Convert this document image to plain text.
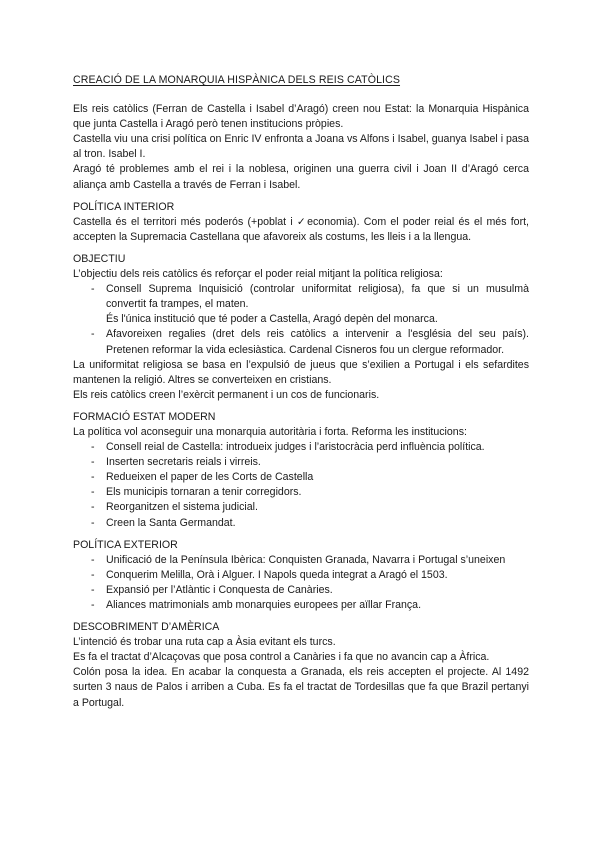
CREACIÓ DE LA MONARQUIA HISPÀNICA DELS REIS CATÒLICS
Els reis catòlics (Ferran de Castella i Isabel d’Aragó) creen nou Estat: la Monarquia Hispànica que junta Castella i Aragó però tenen institucions pròpies.
Castella viu una crisi política on Enric IV enfronta a Joana vs Alfons i Isabel, guanya Isabel i pasa al tron. Isabel I.
Aragó té problemes amb el rei i la noblesa, originen una guerra civil i Joan II d’Aragó cerca aliança amb Castella a través de Ferran i Isabel.
POLÍTICA INTERIOR
Castella és el territori més poderós (+poblat i ✓economia). Com el poder reial és el més fort, accepten la Supremacia Castellana que afavoreix als costums, les lleis i a la llengua.
OBJECTIU
L’objectiu dels reis catòlics és reforçar el poder reial mitjant la política religiosa:
- Consell Suprema Inquisició (controlar uniformitat religiosa), fa que si un musulmà convertit fa trampes, el maten.
És l'única institució que té poder a Castella, Aragó depèn del monarca.
- Afavoreixen regalies (dret dels reis catòlics a intervenir a l'església del seu país). Pretenen reformar la vida eclesiàstica. Cardenal Cisneros fou un clergue reformador.
La uniformitat religiosa se basa en l’expulsió de jueus que s’exilien a Portugal i els sefardites mantenen la religió. Altres se converteixen en cristians.
Els reis catòlics creen l’exèrcit permanent i un cos de funcionaris.
FORMACIÓ ESTAT MODERN
La política vol aconseguir una monarquia autoritària i forta. Reforma les institucions:
- Consell reial de Castella: introdueix judges i l’aristocràcia perd influència política.
- Inserten secretaris reials i virreis.
- Redueixen el paper de les Corts de Castella
- Els municipis tornaran a tenir corregidors.
- Reorganitzen el sistema judicial.
- Creen la Santa Germandat.
POLÍTICA EXTERIOR
- Unificació de la Península Ibèrica: Conquisten Granada, Navarra i Portugal s’uneixen
- Conquerim Melilla, Orà i Alguer. I Napols queda integrat a Aragó el 1503.
- Expansió per l’Atlàntic i Conquesta de Canàries.
- Aliances matrimonials amb monarquies europees per aïllar França.
DESCOBRIMENT D’AMÈRICA
L’intenció és trobar una ruta cap a Àsia evitant els turcs.
Es fa el tractat d’Alcaçovas que posa control a Canàries i fa que no avancin cap a Àfrica.
Colón posa la idea. En acabar la conquesta a Granada, els reis accepten el projecte. Al 1492 surten 3 naus de Palos i arriben a Cuba. Es fa el tractat de Tordesillas que fa que Brazil pertanyi a Portugal.
